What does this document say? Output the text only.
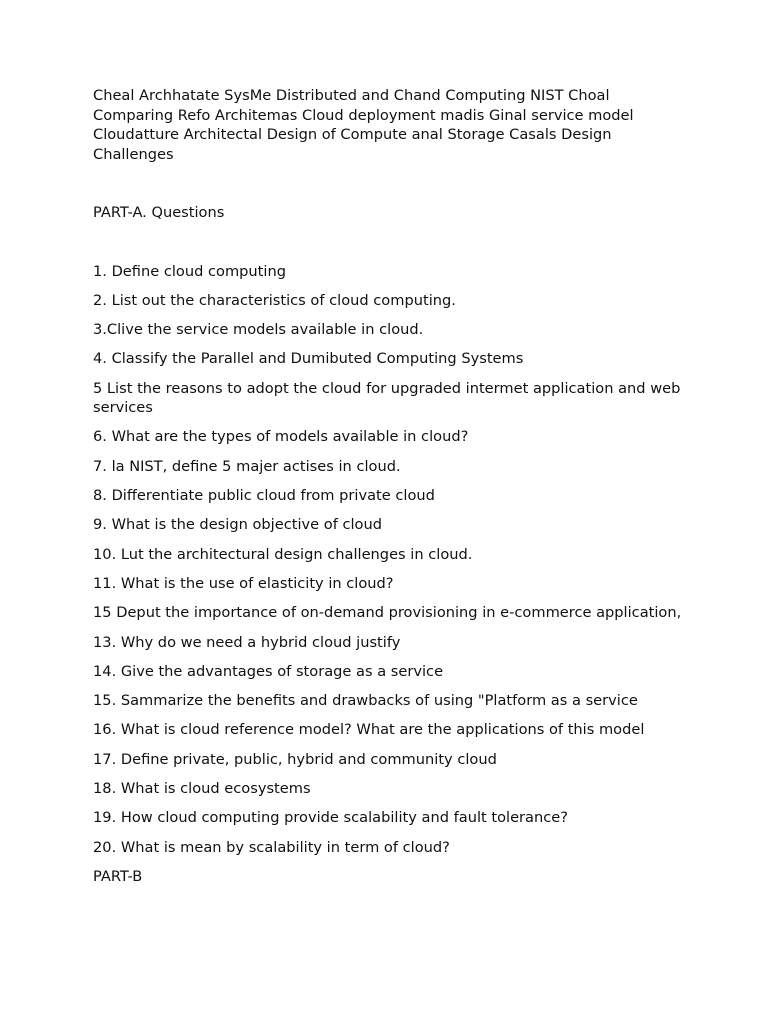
Cheal Archhatate SysMe Distributed and Chand Computing NIST Choal Comparing Refo Architemas Cloud deployment madis Ginal service model Cloudatture Architectal Design of Compute anal Storage Casals Design Challenges

PART-A. Questions

1. Define cloud computing
2. List out the characteristics of cloud computing.
3.Clive the service models available in cloud.
4. Classify the Parallel and Dumibuted Computing Systems
5 List the reasons to adopt the cloud for upgraded intermet application and web services
6. What are the types of models available in cloud?
7. la NIST, define 5 majer actises in cloud.
8. Differentiate public cloud from private cloud
9. What is the design objective of cloud
10. Lut the architectural design challenges in cloud.
11. What is the use of elasticity in cloud?
15 Deput the importance of on-demand provisioning in e-commerce application,
13. Why do we need a hybrid cloud justify
14. Give the advantages of storage as a service
15. Sammarize the benefits and drawbacks of using "Platform as a service
16. What is cloud reference model? What are the applications of this model
17. Define private, public, hybrid and community cloud
18. What is cloud ecosystems
19. How cloud computing provide scalability and fault tolerance?
20. What is mean by scalability in term of cloud?

PART-B
